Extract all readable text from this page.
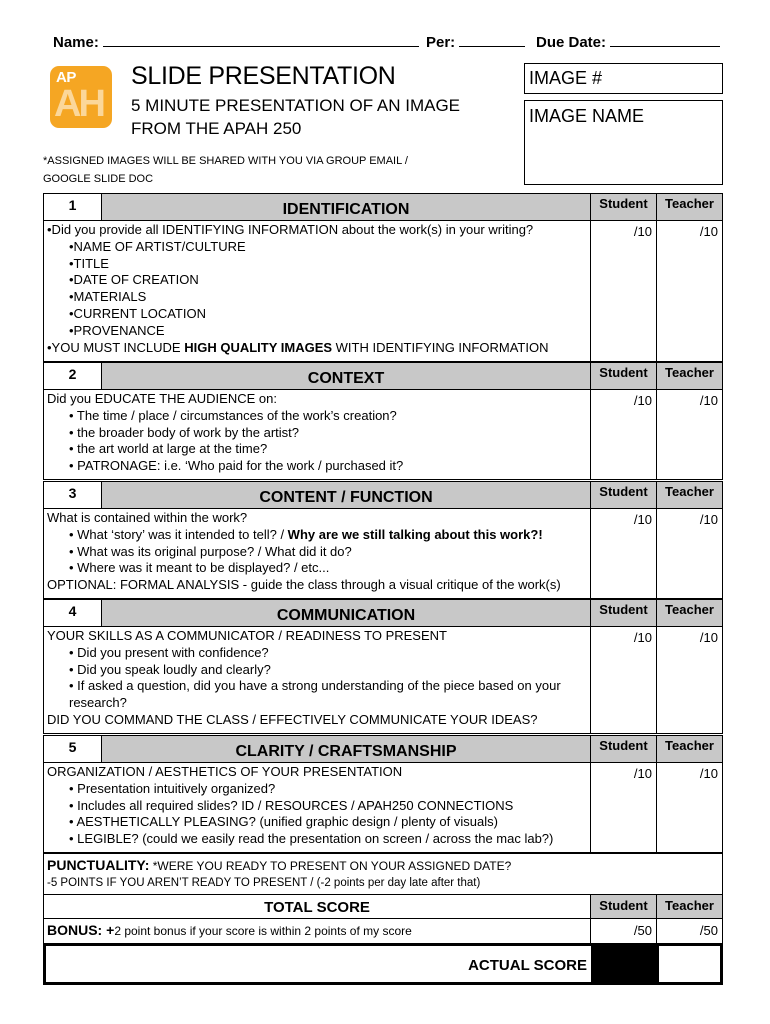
Name:	Per:	Due Date:
AP
AH
SLIDE PRESENTATION
5 MINUTE PRESENTATION OF AN IMAGE
FROM THE APAH 250
*ASSIGNED IMAGES WILL BE SHARED WITH YOU VIA GROUP EMAIL /
GOOGLE SLIDE DOC
IMAGE #
IMAGE NAME
1	IDENTIFICATION	Student	Teacher
•Did you provide all IDENTIFYING INFORMATION about the work(s) in your writing?
•NAME OF ARTIST/CULTURE
•TITLE
•DATE OF CREATION
•MATERIALS
•CURRENT LOCATION
•PROVENANCE
•YOU MUST INCLUDE HIGH QUALITY IMAGES WITH IDENTIFYING INFORMATION
/10	/10
2	CONTEXT	Student	Teacher
Did you EDUCATE THE AUDIENCE on:
• The time / place / circumstances of the work’s creation?
• the broader body of work by the artist?
• the art world at large at the time?
• PATRONAGE: i.e. ‘Who paid for the work / purchased it?
/10	/10
3	CONTENT / FUNCTION	Student	Teacher
What is contained within the work?
• What ‘story’ was it intended to tell? / Why are we still talking about this work?!
• What was its original purpose? / What did it do?
• Where was it meant to be displayed? / etc...
OPTIONAL: FORMAL ANALYSIS - guide the class through a visual critique of the work(s)
/10	/10
4	COMMUNICATION	Student	Teacher
YOUR SKILLS AS A COMMUNICATOR / READINESS TO PRESENT
• Did you present with confidence?
• Did you speak loudly and clearly?
• If asked a question, did you have a strong understanding of the piece based on your
research?
DID YOU COMMAND THE CLASS / EFFECTIVELY COMMUNICATE YOUR IDEAS?
/10	/10
5	CLARITY / CRAFTSMANSHIP	Student	Teacher
ORGANIZATION / AESTHETICS OF YOUR PRESENTATION
• Presentation intuitively organized?
• Includes all required slides? ID / RESOURCES / APAH250 CONNECTIONS
• AESTHETICALLY PLEASING? (unified graphic design / plenty of visuals)
• LEGIBLE? (could we easily read the presentation on screen / across the mac lab?)
/10	/10
PUNCTUALITY: *WERE YOU READY TO PRESENT ON YOUR ASSIGNED DATE?
-5 POINTS IF YOU AREN’T READY TO PRESENT / (-2 points per day late after that)
TOTAL SCORE	Student	Teacher
BONUS: +2 point bonus if your score is within 2 points of my score	/50	/50
ACTUAL SCORE
